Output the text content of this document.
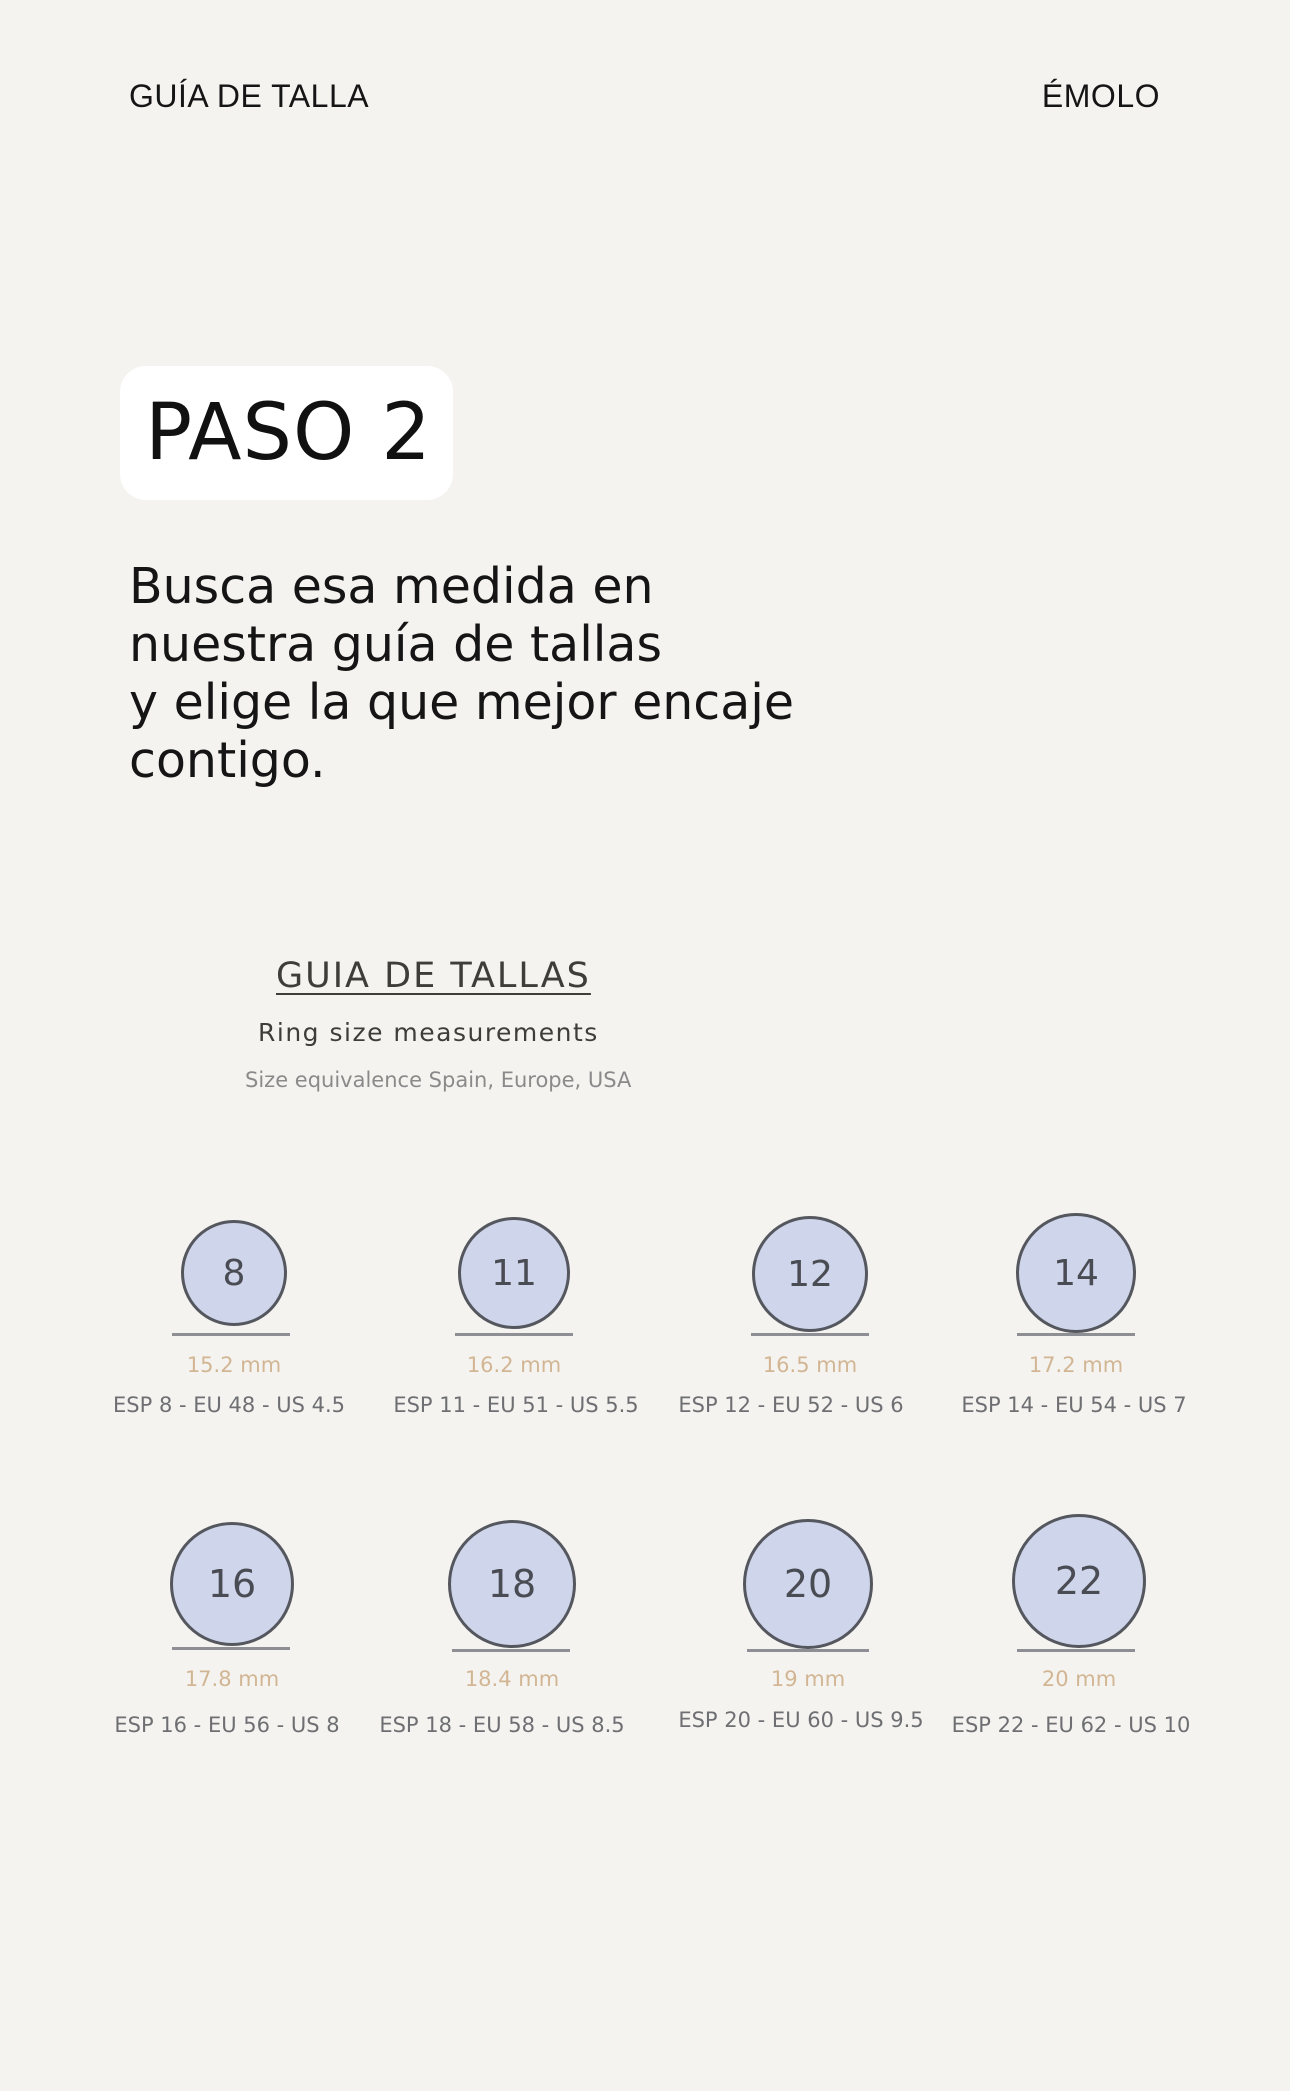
GUÍA DE TALLA	ÉMOLO
PASO 2
Busca esa medida en
nuestra guía de tallas
y elige la que mejor encaje
contigo.
GUIA DE TALLAS
Ring size measurements
Size equivalence Spain, Europe, USA
8
15.2 mm
ESP 8 - EU 48 - US 4.5
11
16.2 mm
ESP 11 - EU 51 - US 5.5
12
16.5 mm
ESP 12 - EU 52 - US 6
14
17.2 mm
ESP 14 - EU 54 - US 7
16
17.8 mm
ESP 16 - EU 56 - US 8
18
18.4 mm
ESP 18 - EU 58 - US 8.5
20
19 mm
ESP 20 - EU 60 - US 9.5
22
20 mm
ESP 22 - EU 62 - US 10
